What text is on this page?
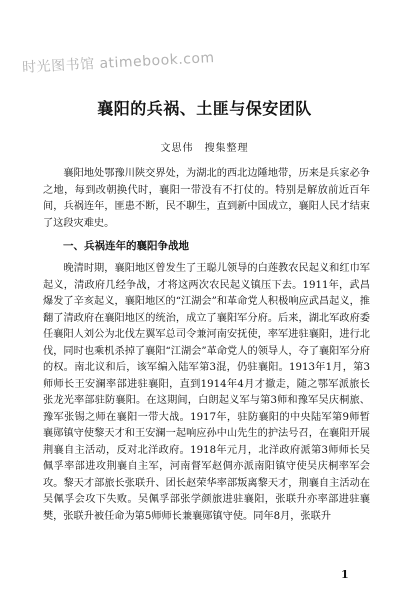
时光图书馆 atimebook.com
襄阳的兵祸、土匪与保安团队
文思伟　搜集整理

襄阳地处鄂豫川陕交界处，为湖北的西北边陲地带，历来是兵家必争之地，每到改朝换代时，襄阳一带没有不打仗的。特别是解放前近百年间，兵祸连年，匪患不断，民不聊生，直到新中国成立，襄阳人民才结束了这段灾难史。

一、兵祸连年的襄阳争战地

晚清时期，襄阳地区曾发生了王聪儿领导的白莲教农民起义和红巾军起义，清政府几经争战，才将这两次农民起义镇压下去。1911年，武昌爆发了辛亥起义，襄阳地区的“江湖会”和革命党人积极响应武昌起义，推翻了清政府在襄阳地区的统治，成立了襄阳军分府。后来，湖北军政府委任襄阳人刘公为北伐左翼军总司令兼河南安抚使，率军进驻襄阳，进行北伐，同时也乘机杀掉了襄阳“江湖会”革命党人的领导人，夺了襄阳军分府的权。南北议和后，该军编入陆军第3混，仍驻襄阳。1913年1月，第3师师长王安澜率部进驻襄阳，直到1914年4月才撤走，随之鄂军派旅长张龙光率部驻防襄阳。在这期间，白朗起义军与第3师和豫军吴庆桐旅、豫军张锡之师在襄阳一带大战。1917年，驻防襄阳的中央陆军第9师暂襄郧镇守使黎天才和王安澜一起响应孙中山先生的护法号召，在襄阳开展荆襄自主活动，反对北洋政府。1918年元月，北洋政府派第3师师长吴佩孚率部进攻荆襄自主军，河南督军赵倜亦派南阳镇守使吴庆桐率军会攻。黎天才部旅长张联升、团长赵荣华率部叛离黎天才，荆襄自主活动在吴佩孚会攻下失败。吴佩孚部张学颜旅进驻襄阳，张联升亦率部进驻襄樊，张联升被任命为第5师师长兼襄郧镇守使。同年8月，张联升

1
